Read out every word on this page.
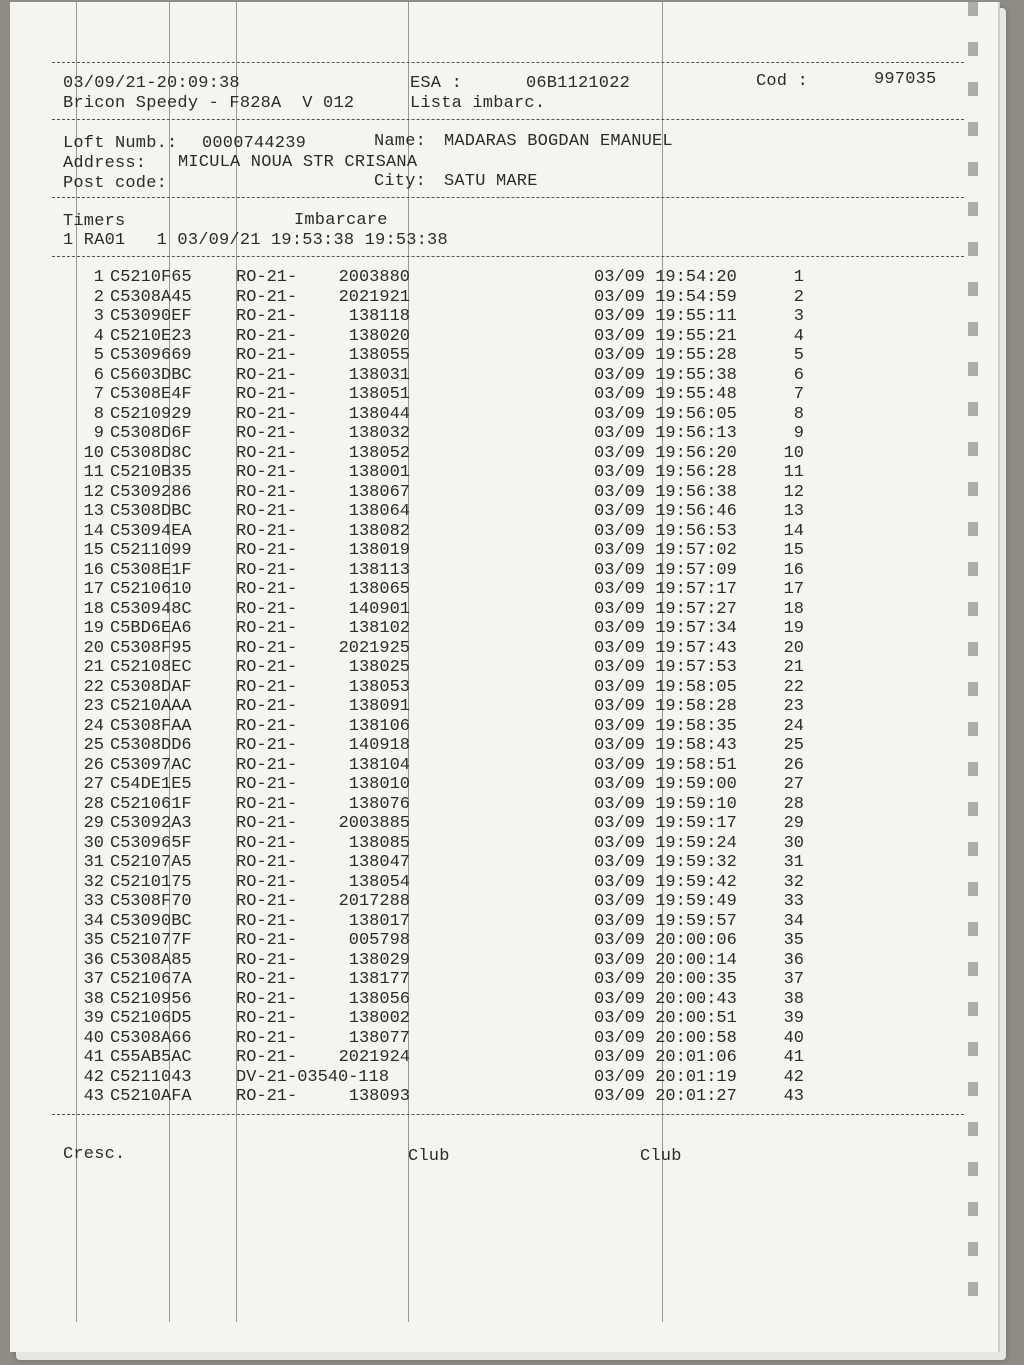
03/09/21-20:09:38	ESA :	06B1121022	Cod :	997035
Bricon Speedy - F828A  V 012	Lista imbarc.
Loft Numb.: 0000744239	Name: MADARAS BOGDAN EMANUEL
Address: MICULA NOUA STR CRISANA
Post code:	City: SATU MARE
Timers	Imbarcare
1 RA01   1 03/09/21 19:53:38 19:53:38
1 C5210F65	RO-21-	2003880	03/09 19:54:20	1
2 C5308A45	RO-21-	2021921	03/09 19:54:59	2
3 C53090EF	RO-21-	138118	03/09 19:55:11	3
4 C5210E23	RO-21-	138020	03/09 19:55:21	4
5 C5309669	RO-21-	138055	03/09 19:55:28	5
6 C5603DBC	RO-21-	138031	03/09 19:55:38	6
7 C5308E4F	RO-21-	138051	03/09 19:55:48	7
8 C5210929	RO-21-	138044	03/09 19:56:05	8
9 C5308D6F	RO-21-	138032	03/09 19:56:13	9
10 C5308D8C	RO-21-	138052	03/09 19:56:20	10
11 C5210B35	RO-21-	138001	03/09 19:56:28	11
12 C5309286	RO-21-	138067	03/09 19:56:38	12
13 C5308DBC	RO-21-	138064	03/09 19:56:46	13
14 C53094EA	RO-21-	138082	03/09 19:56:53	14
15 C5211099	RO-21-	138019	03/09 19:57:02	15
16 C5308E1F	RO-21-	138113	03/09 19:57:09	16
17 C5210610	RO-21-	138065	03/09 19:57:17	17
18 C530948C	RO-21-	140901	03/09 19:57:27	18
19 C5BD6EA6	RO-21-	138102	03/09 19:57:34	19
20 C5308F95	RO-21-	2021925	03/09 19:57:43	20
21 C52108EC	RO-21-	138025	03/09 19:57:53	21
22 C5308DAF	RO-21-	138053	03/09 19:58:05	22
23 C5210AAA	RO-21-	138091	03/09 19:58:28	23
24 C5308FAA	RO-21-	138106	03/09 19:58:35	24
25 C5308DD6	RO-21-	140918	03/09 19:58:43	25
26 C53097AC	RO-21-	138104	03/09 19:58:51	26
27 C54DE1E5	RO-21-	138010	03/09 19:59:00	27
28 C521061F	RO-21-	138076	03/09 19:59:10	28
29 C53092A3	RO-21-	2003885	03/09 19:59:17	29
30 C530965F	RO-21-	138085	03/09 19:59:24	30
31 C52107A5	RO-21-	138047	03/09 19:59:32	31
32 C5210175	RO-21-	138054	03/09 19:59:42	32
33 C5308F70	RO-21-	2017288	03/09 19:59:49	33
34 C53090BC	RO-21-	138017	03/09 19:59:57	34
35 C521077F	RO-21-	005798	03/09 20:00:06	35
36 C5308A85	RO-21-	138029	03/09 20:00:14	36
37 C521067A	RO-21-	138177	03/09 20:00:35	37
38 C5210956	RO-21-	138056	03/09 20:00:43	38
39 C52106D5	RO-21-	138002	03/09 20:00:51	39
40 C5308A66	RO-21-	138077	03/09 20:00:58	40
41 C55AB5AC	RO-21-	2021924	03/09 20:01:06	41
42 C5211043	DV-21-03540-118	03/09 20:01:19	42
43 C5210AFA	RO-21-	138093	03/09 20:01:27	43
Cresc.	Club	Club
